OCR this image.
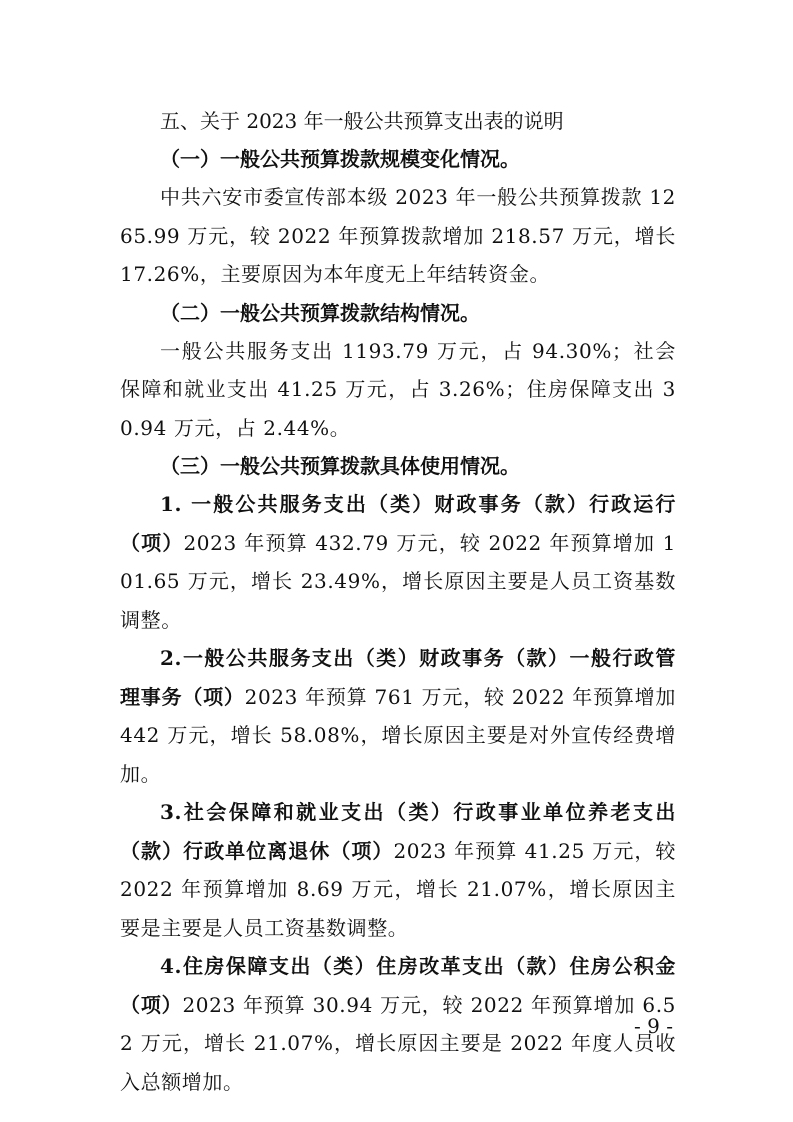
五、关于 2023 年一般公共预算支出表的说明

（一）一般公共预算拨款规模变化情况。

中共六安市委宣传部本级 2023 年一般公共预算拨款 1265.99 万元，较 2022 年预算拨款增加 218.57 万元，增长 17.26%，主要原因为本年度无上年结转资金。

（二）一般公共预算拨款结构情况。

一般公共服务支出 1193.79 万元，占 94.30%；社会保障和就业支出 41.25 万元，占 3.26%；住房保障支出 30.94 万元，占 2.44%。

（三）一般公共预算拨款具体使用情况。

1. 一般公共服务支出（类）财政事务（款）行政运行（项）2023 年预算 432.79 万元，较 2022 年预算增加 101.65 万元，增长 23.49%，增长原因主要是人员工资基数调整。

2.一般公共服务支出（类）财政事务（款）一般行政管理事务（项）2023 年预算 761 万元，较 2022 年预算增加 442 万元，增长 58.08%，增长原因主要是对外宣传经费增加。

3.社会保障和就业支出（类）行政事业单位养老支出（款）行政单位离退休（项）2023 年预算 41.25 万元，较 2022 年预算增加 8.69 万元，增长 21.07%，增长原因主要是主要是人员工资基数调整。

4.住房保障支出（类）住房改革支出（款）住房公积金（项）2023 年预算 30.94 万元，较 2022 年预算增加 6.52 万元，增长 21.07%，增长原因主要是 2022 年度人员收入总额增加。

- 9 -
